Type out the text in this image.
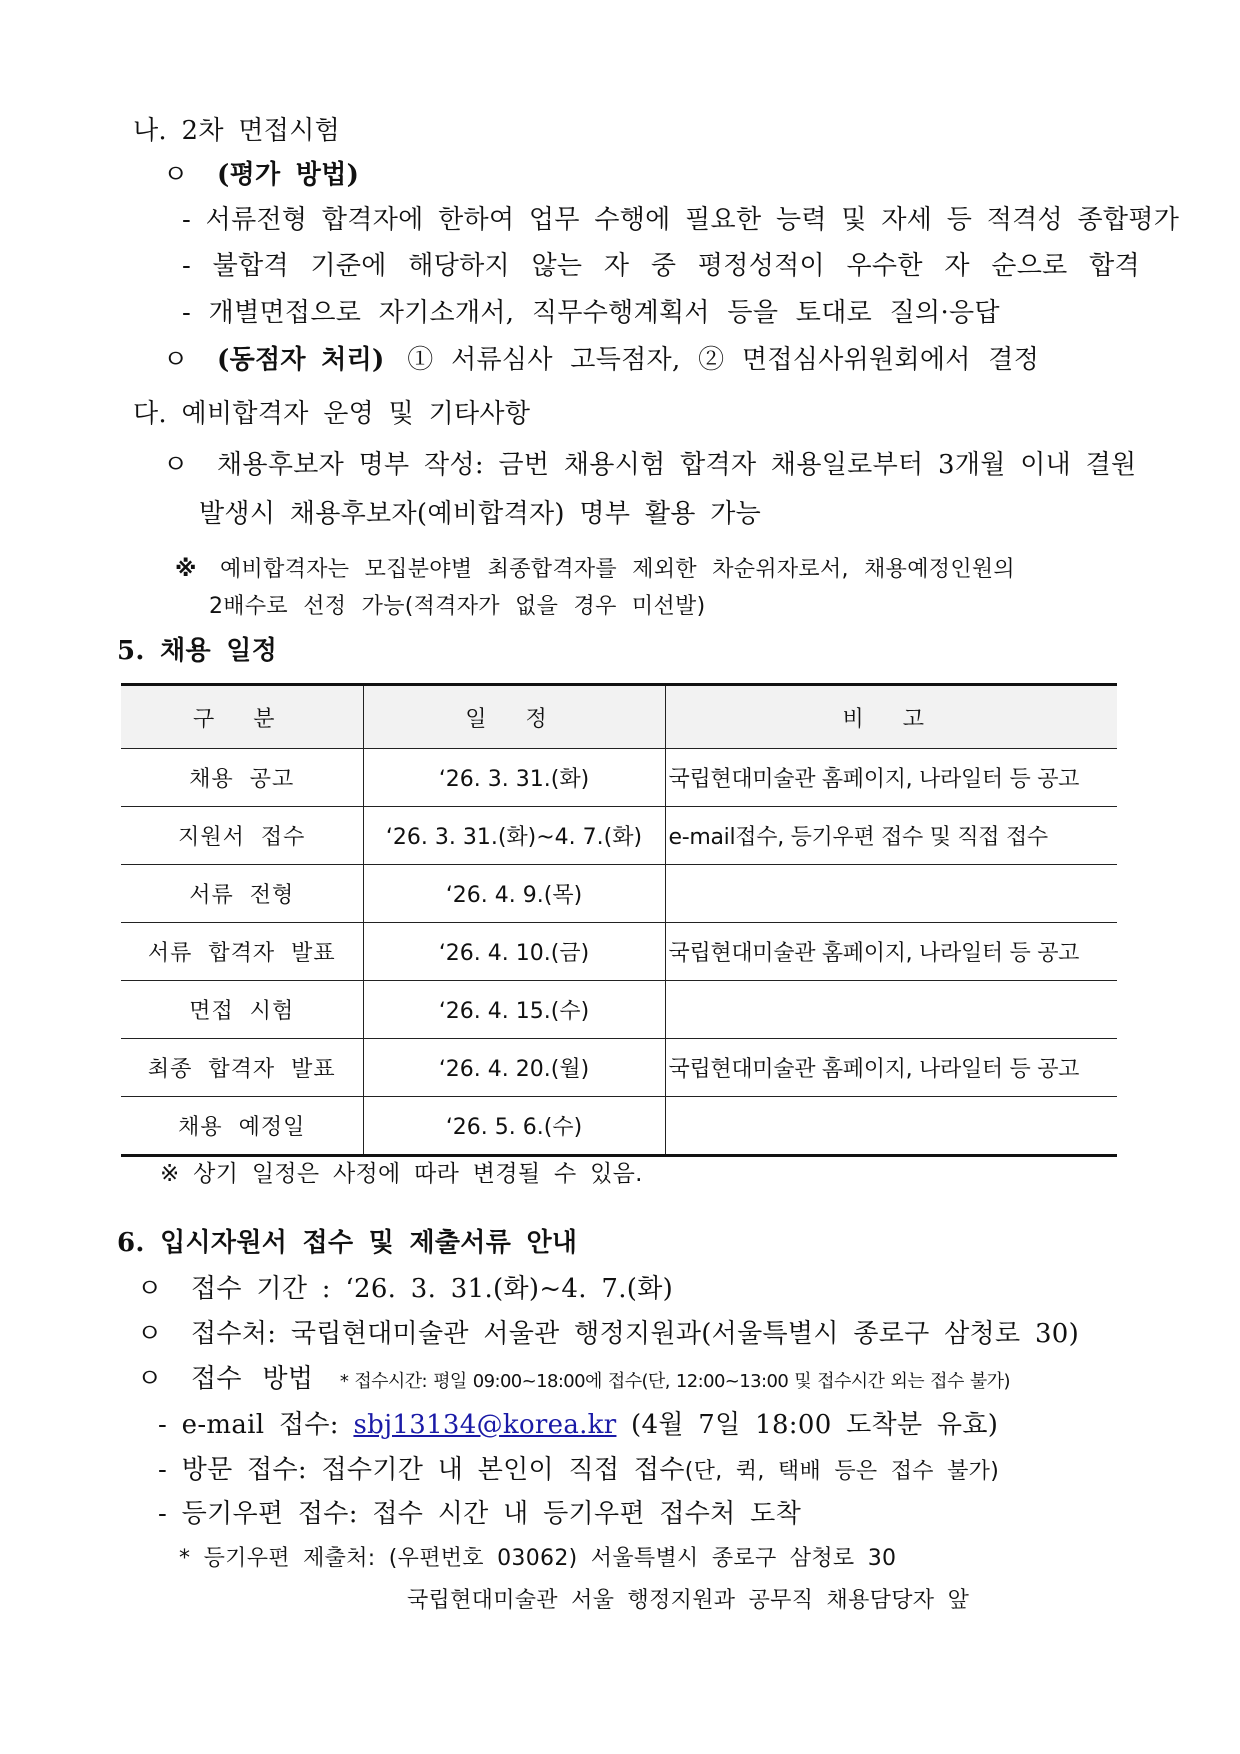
나. 2차 면접시험
ㅇ (평가 방법)
- 서류전형 합격자에 한하여 업무 수행에 필요한 능력 및 자세 등 적격성 종합평가
- 불합격 기준에 해당하지 않는 자 중 평정성적이 우수한 자 순으로 합격
- 개별면접으로 자기소개서, 직무수행계획서 등을 토대로 질의·응답
ㅇ (동점자 처리) ① 서류심사 고득점자, ② 면접심사위원회에서 결정
다. 예비합격자 운영 및 기타사항
ㅇ 채용후보자 명부 작성: 금번 채용시험 합격자 채용일로부터 3개월 이내 결원
발생시 채용후보자(예비합격자) 명부 활용 가능
※ 예비합격자는 모집분야별 최종합격자를 제외한 차순위자로서, 채용예정인원의
2배수로 선정 가능(적격자가 없을 경우 미선발)
5. 채용 일정
구 분	일 정	비 고
채용 공고	‘26. 3. 31.(화)	국립현대미술관 홈페이지, 나라일터 등 공고
지원서 접수	‘26. 3. 31.(화)~4. 7.(화)	e-mail접수, 등기우편 접수 및 직접 접수
서류 전형	‘26. 4. 9.(목)	
서류 합격자 발표	‘26. 4. 10.(금)	국립현대미술관 홈페이지, 나라일터 등 공고
면접 시험	‘26. 4. 15.(수)	
최종 합격자 발표	‘26. 4. 20.(월)	국립현대미술관 홈페이지, 나라일터 등 공고
채용 예정일	‘26. 5. 6.(수)	
※ 상기 일정은 사정에 따라 변경될 수 있음.
6. 입시자원서 접수 및 제출서류 안내
ㅇ 접수 기간 : ‘26. 3. 31.(화)~4. 7.(화)
ㅇ 접수처: 국립현대미술관 서울관 행정지원과(서울특별시 종로구 삼청로 30)
ㅇ 접수 방법 * 접수시간: 평일 09:00~18:00에 접수(단, 12:00~13:00 및 접수시간 외는 접수 불가)
- e-mail 접수: sbj13134@korea.kr (4월 7일 18:00 도착분 유효)
- 방문 접수: 접수기간 내 본인이 직접 접수(단, 퀵, 택배 등은 접수 불가)
- 등기우편 접수: 접수 시간 내 등기우편 접수처 도착
* 등기우편 제출처: (우편번호 03062) 서울특별시 종로구 삼청로 30
국립현대미술관 서울 행정지원과 공무직 채용담당자 앞
